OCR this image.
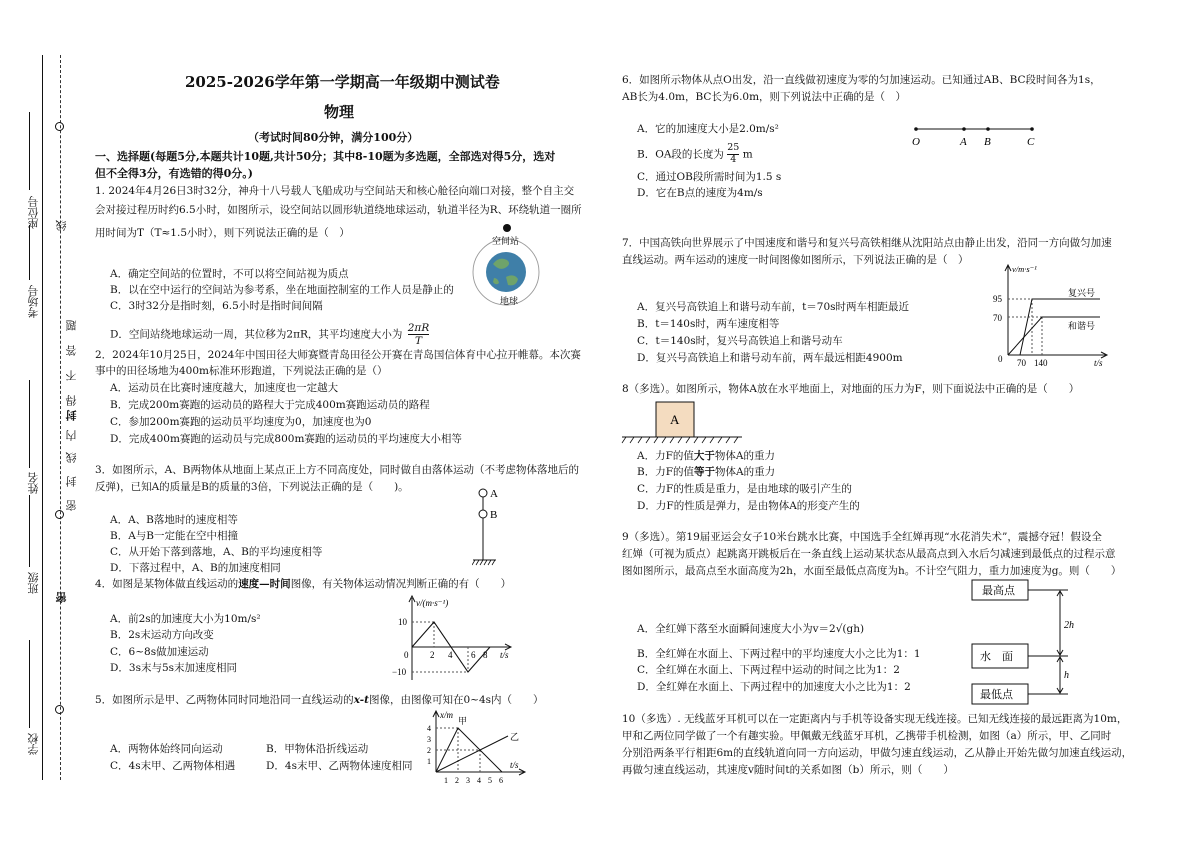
座位号
考场号
姓名
班级
学校
线
题
答
不
得
封
内
线
封
密
密
2025-2026学年第一学期高一年级期中测试卷
物理
（考试时间80分钟，满分100分）
一、选择题(每题5分,本题共计10题,共计50分；其中8-10题为多选题，全部选对得5分，选对
但不全得3分，有选错的得0分。)
1. 2024年4月26日3时32分，神舟十八号载人飞船成功与空间站天和核心舱径向端口对接，整个自主交
会对接过程历时约6.5小时，如图所示，设空间站以圆形轨道绕地球运动，轨道半径为R、环绕轨道一圈所
用时间为T（T≈1.5小时），则下列说法正确的是（　）
A．确定空间站的位置时，不可以将空间站视为质点
B．以在空中运行的空间站为参考系，坐在地面控制室的工作人员是静止的
C．3时32分是指时刻，6.5小时是指时间间隔
D．空间站绕地球运动一周，其位移为2πR，其平均速度大小为 $\frac{2\pi R}{T}$
空间站
地球
2．2024年10月25日，2024年中国田径大师赛暨青岛田径公开赛在青岛国信体育中心拉开帷幕。本次赛
事中的田径场地为400m标准环形跑道，下列说法正确的是（）
A．运动员在比赛时速度越大，加速度也一定越大
B．完成200m赛跑的运动员的路程大于完成400m赛跑运动员的路程
C．参加200m赛跑的运动员平均速度为0，加速度也为0
D．完成400m赛跑的运动员与完成800m赛跑的运动员的平均速度大小相等
3．如图所示，A、B两物体从地面上某点正上方不同高度处，同时做自由落体运动（不考虑物体落地后的
反弹)，已知A的质量是B的质量的3倍，下列说法正确的是（　　)。
A．A、B落地时的速度相等
B．A与B一定能在空中相撞
C．从开始下落到落地，A、B的平均速度相等
D．下落过程中，A、B的加速度相同
A
B
4．如图是某物体做直线运动的速度—时间图像，有关物体运动情况判断正确的有（　　）
A．前2s的加速度大小为10m/s²
B．2s末运动方向改变
C．6~8s做加速运动
D．3s末与5s末加速度相同
v/(m·s⁻¹)
10
−10
0 2 4 6 8 t/s
5．如图所示是甲、乙两物体同时同地沿同一直线运动的x-t图像，由图像可知在0~4s内（　　）
A．两物体始终同向运动	B．甲物体沿折线运动
C．4s末甲、乙两物体相遇	D．4s末甲、乙两物体速度相同
x/m
甲
乙
t/s
1
2
3
4
1 2 3 4 5 6
6．如图所示物体从点O出发，沿一直线做初速度为零的匀加速运动。已知通过AB、BC段时间各为1s，
AB长为4.0m，BC长为6.0m，则下列说法中正确的是（　）
A．它的加速度大小是2.0m/s²
B．OA段的长度为 $\frac{25}{4}$ m
C．通过OB段所需时间为1.5 s
D．它在B点的速度为4m/s
O	A B	C
7．中国高铁向世界展示了中国速度和谐号和复兴号高铁相继从沈阳站点由静止出发，沿同一方向做匀加速
直线运动。两车运动的速度一时间图像如图所示，下列说法正确的是（　）
A．复兴号高铁追上和谐号动车前，t＝70s时两车相距最近
B．t＝140s时，两车速度相等
C．t＝140s时，复兴号高铁追上和谐号动车
D．复兴号高铁追上和谐号动车前，两车最远相距4900m
v/m·s⁻¹
95
70
0 70 140	t/s
复兴号
和谐号
8（多选）。如图所示，物体A放在水平地面上，对地面的压力为F，则下面说法中正确的是（　　）
A
A．力F的值大于物体A的重力
B．力F的值等于物体A的重力
C．力F的性质是重力，是由地球的吸引产生的
D．力F的性质是弹力，是由物体A的形变产生的
9（多选）。第19届亚运会女子10米台跳水比赛，中国选手全红婵再现“水花消失术”，震撼夺冠！假设全
红婵（可视为质点）起跳离开跳板后在一条直线上运动某状态从最高点到入水后匀减速到最低点的过程示意
图如图所示，最高点至水面高度为2h，水面至最低点高度为h。不计空气阻力，重力加速度为g。则（　　）
A．全红婵下落至水面瞬间速度大小为v＝2√(gh)
B．全红婵在水面上、下两过程中的平均速度大小之比为1：1
C．全红婵在水面上、下两过程中运动的时间之比为1：2
D．全红婵在水面上、下两过程中的加速度大小之比为1：2
最高点
水　面
最低点
2h
h
10（多选）. 无线蓝牙耳机可以在一定距离内与手机等设备实现无线连接。已知无线连接的最远距离为10m，
甲和乙两位同学做了一个有趣实验。甲佩戴无线蓝牙耳机，乙携带手机检测，如图（a）所示，甲、乙同时
分别沿两条平行相距6m的直线轨道向同一方向运动，甲做匀速直线运动，乙从静止开始先做匀加速直线运动，
再做匀速直线运动，其速度v随时间t的关系如图（b）所示，则（　　）
